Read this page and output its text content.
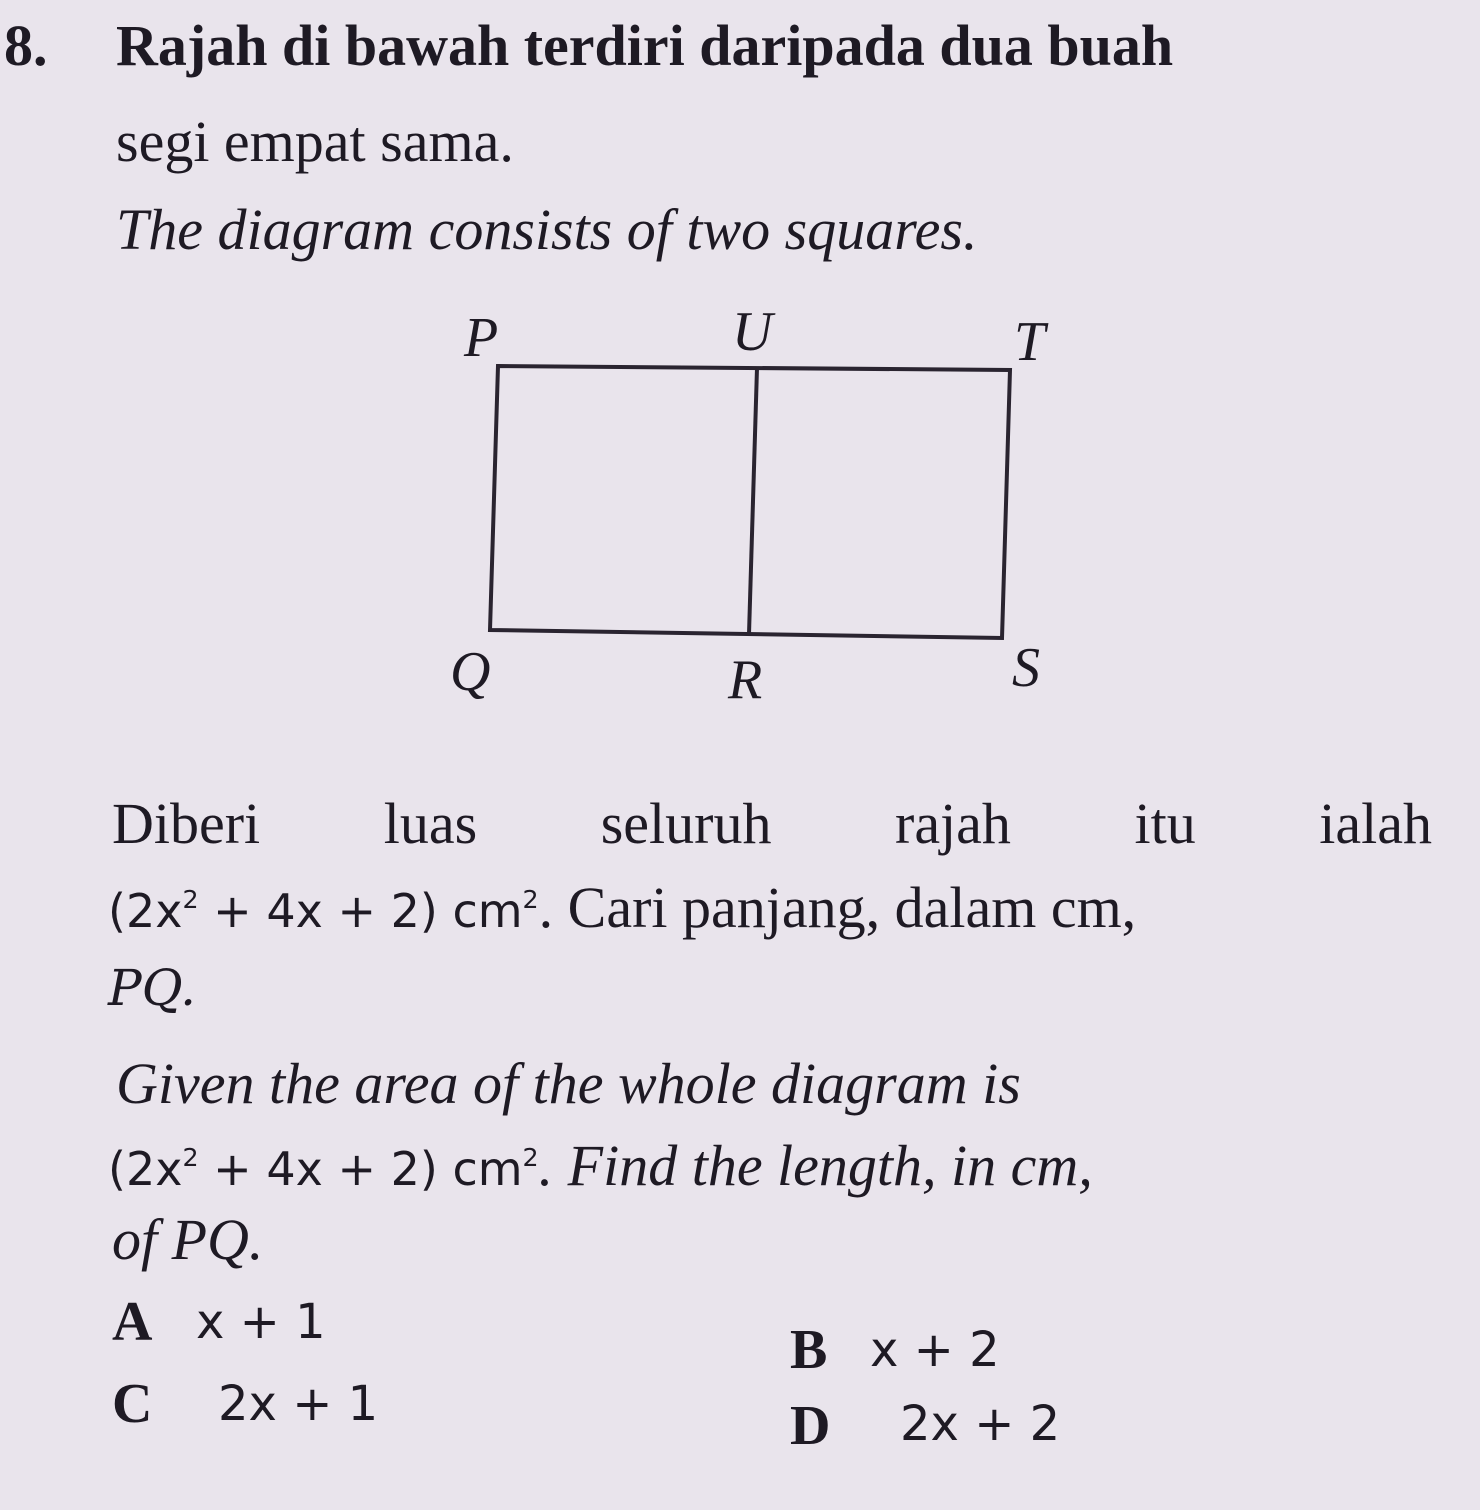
8. Rajah di bawah terdiri daripada dua buah
segi empat sama.
The diagram consists of two squares.
P	U	T
Q	R	S
Diberi luas seluruh rajah itu ialah
$(2x^2 + 4x + 2)$ $cm^2$. Cari panjang, dalam cm,
PQ.
Given the area of the whole diagram is
$(2x^2 + 4x + 2)$ $cm^2$. Find the length, in cm,
of PQ.
A x + 1	B x + 2
C 2x + 1	D 2x + 2
